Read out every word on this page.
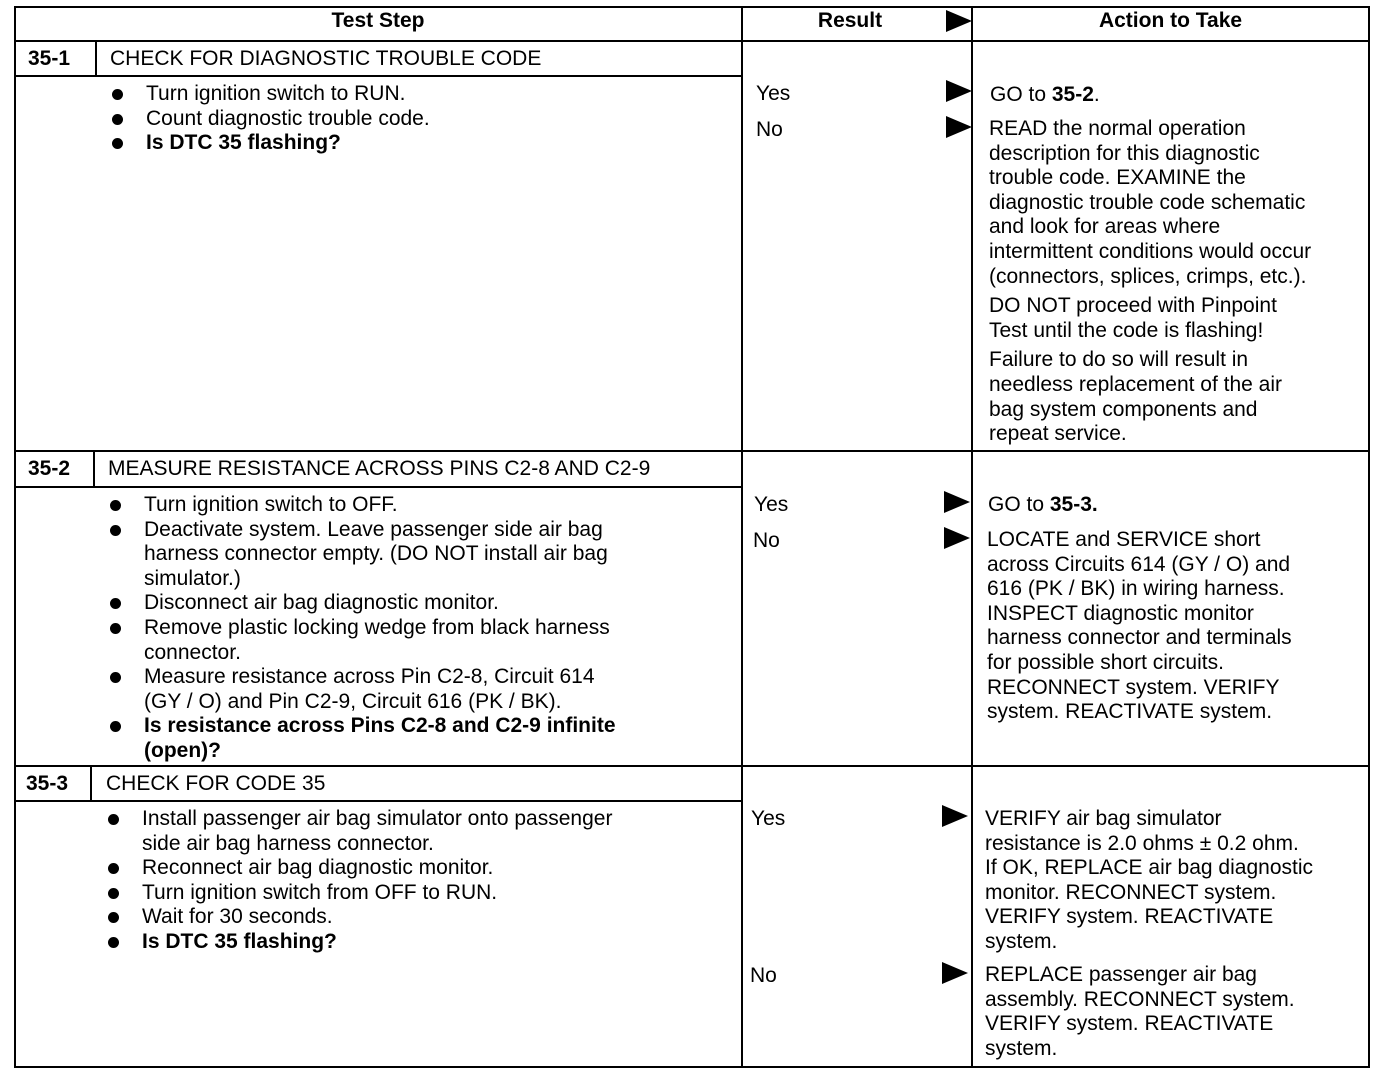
Test Step	Result	Action to Take
35-1 CHECK FOR DIAGNOSTIC TROUBLE CODE
Turn ignition switch to RUN.
Count diagnostic trouble code.
Is DTC 35 flashing?
Yes
No

GO to 35-2.

READ the normal operation
description for this diagnostic
trouble code. EXAMINE the
diagnostic trouble code schematic
and look for areas where
intermittent conditions would occur
(connectors, splices, crimps, etc.).

DO NOT proceed with Pinpoint
Test until the code is flashing!

Failure to do so will result in
needless replacement of the air
bag system components and
repeat service.

35-2 MEASURE RESISTANCE ACROSS PINS C2-8 AND C2-9
Turn ignition switch to OFF.
Deactivate system. Leave passenger side air bag
harness connector empty. (DO NOT install air bag
simulator.)
Disconnect air bag diagnostic monitor.
Remove plastic locking wedge from black harness
connector.
Measure resistance across Pin C2-8, Circuit 614
(GY / O) and Pin C2-9, Circuit 616 (PK / BK).
Is resistance across Pins C2-8 and C2-9 infinite
(open)?
Yes
No

GO to 35-3.

LOCATE and SERVICE short
across Circuits 614 (GY / O) and
616 (PK / BK) in wiring harness.
INSPECT diagnostic monitor
harness connector and terminals
for possible short circuits.
RECONNECT system. VERIFY
system. REACTIVATE system.

35-3 CHECK FOR CODE 35
Install passenger air bag simulator onto passenger
side air bag harness connector.
Reconnect air bag diagnostic monitor.
Turn ignition switch from OFF to RUN.
Wait for 30 seconds.
Is DTC 35 flashing?
Yes
No

VERIFY air bag simulator
resistance is 2.0 ohms ± 0.2 ohm.
If OK, REPLACE air bag diagnostic
monitor. RECONNECT system.
VERIFY system. REACTIVATE
system.

REPLACE passenger air bag
assembly. RECONNECT system.
VERIFY system. REACTIVATE
system.
